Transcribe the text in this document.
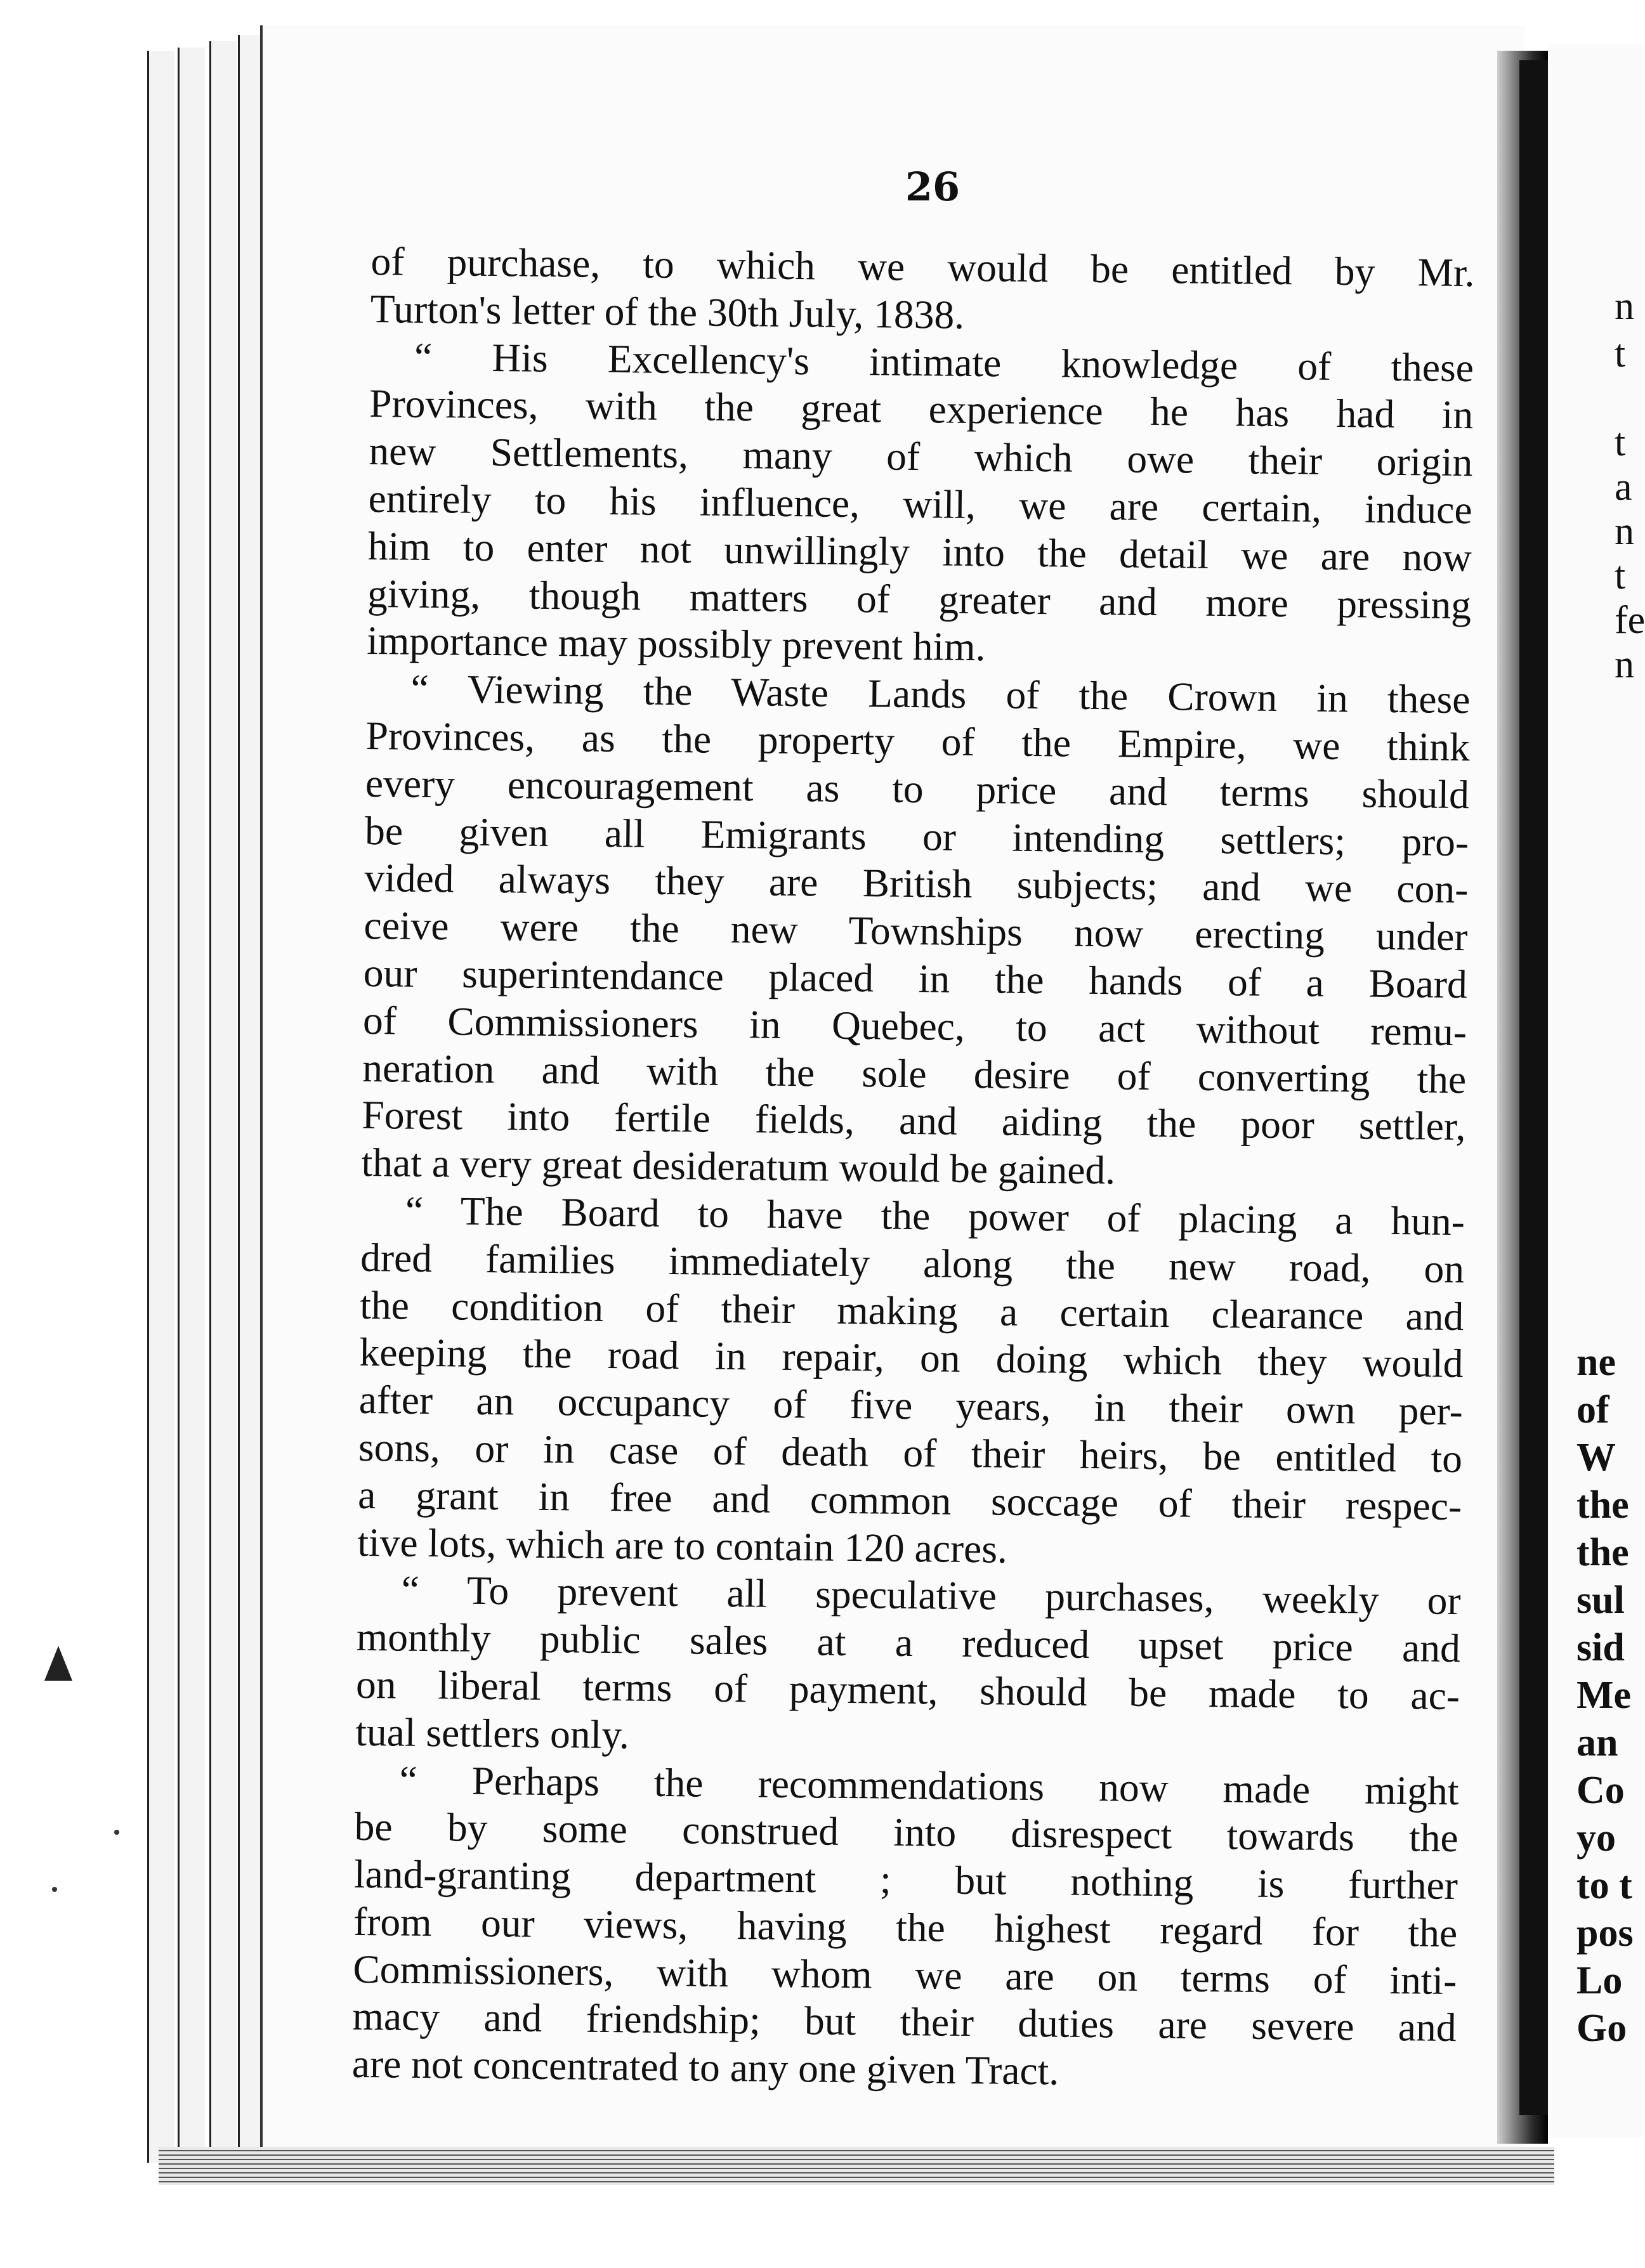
26
of purchase, to which we would be entitled by Mr.
Turton's letter of the 30th July, 1838.
“ His Excellency's intimate knowledge of these
Provinces, with the great experience he has had in
new Settlements, many of which owe their origin
entirely to his influence, will, we are certain, induce
him to enter not unwillingly into the detail we are now
giving, though matters of greater and more pressing
importance may possibly prevent him.
“ Viewing the Waste Lands of the Crown in these
Provinces, as the property of the Empire, we think
every encouragement as to price and terms should
be given all Emigrants or intending settlers; pro-
vided always they are British subjects; and we con-
ceive were the new Townships now erecting under
our superintendance placed in the hands of a Board
of Commissioners in Quebec, to act without remu-
neration and with the sole desire of converting the
Forest into fertile fields, and aiding the poor settler,
that a very great desideratum would be gained.
“ The Board to have the power of placing a hun-
dred families immediately along the new road, on
the condition of their making a certain clearance and
keeping the road in repair, on doing which they would
after an occupancy of five years, in their own per-
sons, or in case of death of their heirs, be entitled to
a grant in free and common soccage of their respec-
tive lots, which are to contain 120 acres.
“ To prevent all speculative purchases, weekly or
monthly public sales at a reduced upset price and
on liberal terms of payment, should be made to ac-
tual settlers only.
“ Perhaps the recommendations now made might
be by some construed into disrespect towards the
land-granting department ; but nothing is further
from our views, having the highest regard for the
Commissioners, with whom we are on terms of inti-
macy and friendship; but their duties are severe and
are not concentrated to any one given Tract.
n
t
t
a
n
t
fe
n
ne
of
W
the
the
sul
sid
Me
an
Co
yo
to t
pos
Lo
Go
